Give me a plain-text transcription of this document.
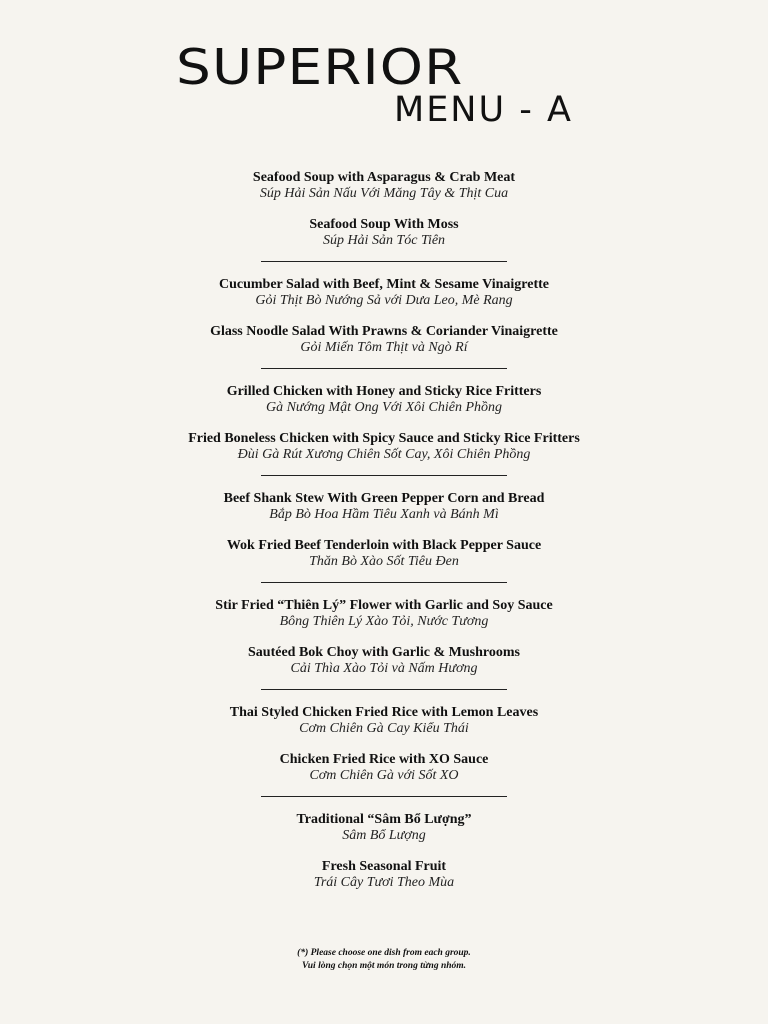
SUPERIOR
MENU - A
Seafood Soup with Asparagus & Crab Meat
Súp Hải Sản Nấu Với Măng Tây & Thịt Cua
Seafood Soup With Moss
Súp Hải Sản Tóc Tiên
Cucumber Salad with Beef, Mint & Sesame Vinaigrette
Gỏi Thịt Bò Nướng Sả với Dưa Leo, Mè Rang
Glass Noodle Salad With Prawns & Coriander Vinaigrette
Gỏi Miến Tôm Thịt và Ngò Rí
Grilled Chicken with Honey and Sticky Rice Fritters
Gà Nướng Mật Ong Với Xôi Chiên Phồng
Fried Boneless Chicken with Spicy Sauce and Sticky Rice Fritters
Đùi Gà Rút Xương Chiên Sốt Cay, Xôi Chiên Phồng
Beef Shank Stew With Green Pepper Corn and Bread
Bắp Bò Hoa Hầm Tiêu Xanh và Bánh Mì
Wok Fried Beef Tenderloin with Black Pepper Sauce
Thăn Bò Xào Sốt Tiêu Đen
Stir Fried “Thiên Lý” Flower with Garlic and Soy Sauce
Bông Thiên Lý Xào Tỏi, Nước Tương
Sautéed Bok Choy with Garlic & Mushrooms
Cải Thìa Xào Tỏi và Nấm Hương
Thai Styled Chicken Fried Rice with Lemon Leaves
Cơm Chiên Gà Cay Kiểu Thái
Chicken Fried Rice with XO Sauce
Cơm Chiên Gà với Sốt XO
Traditional “Sâm Bổ Lượng”
Sâm Bổ Lượng
Fresh Seasonal Fruit
Trái Cây Tươi Theo Mùa
(*) Please choose one dish from each group.
Vui lòng chọn một món trong từng nhóm.
